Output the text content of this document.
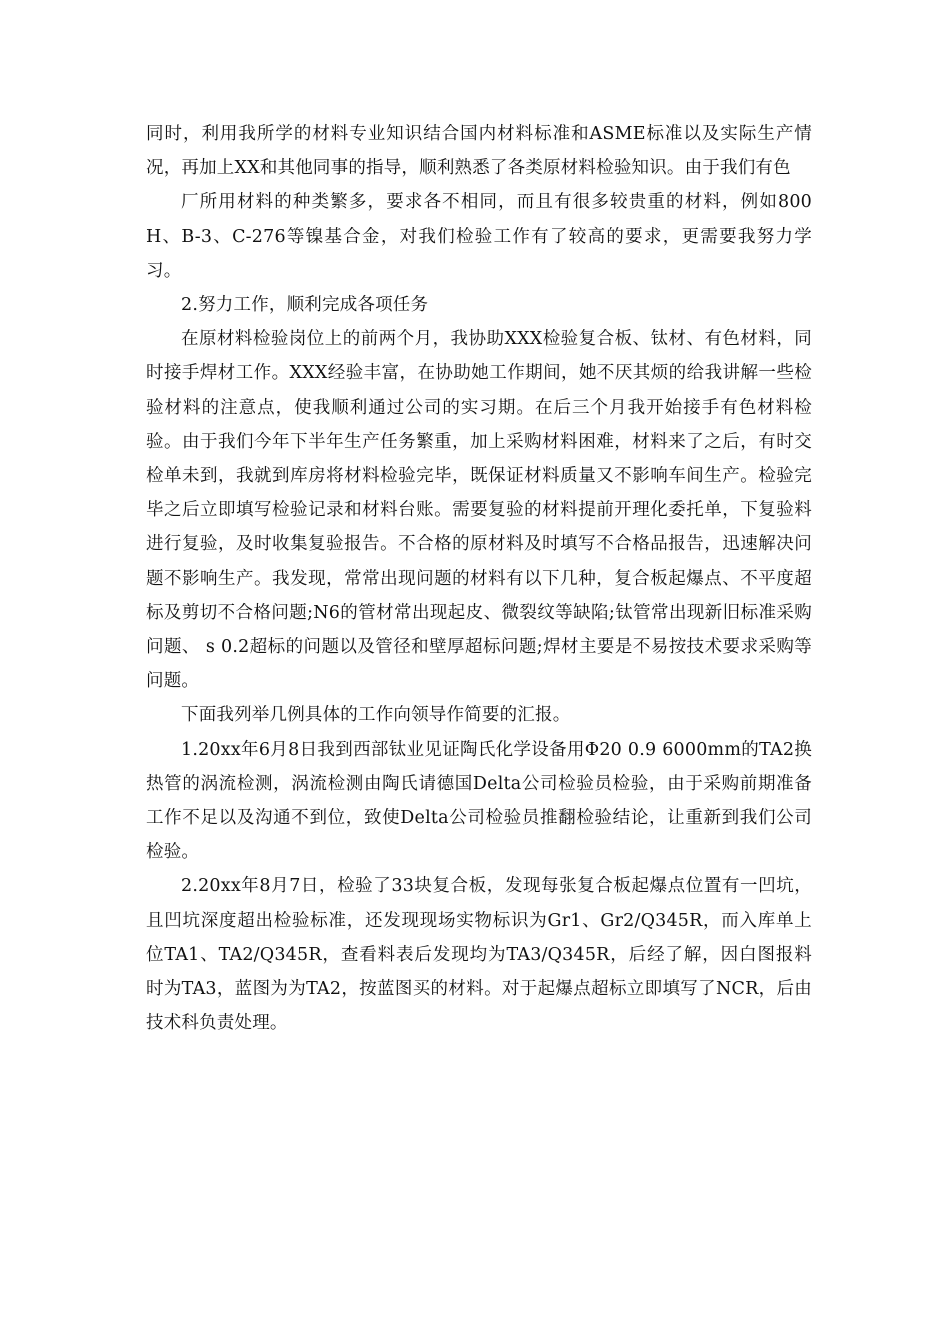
同时，利用我所学的材料专业知识结合国内材料标准和ASME标准以及实际生产情况，再加上XX和其他同事的指导，顺利熟悉了各类原材料检验知识。由于我们有色

厂所用材料的种类繁多，要求各不相同，而且有很多较贵重的材料，例如800H、B-3、C-276等镍基合金，对我们检验工作有了较高的要求，更需要我努力学习。

2.努力工作，顺利完成各项任务

在原材料检验岗位上的前两个月，我协助XXX检验复合板、钛材、有色材料，同时接手焊材工作。XXX经验丰富，在协助她工作期间，她不厌其烦的给我讲解一些检验材料的注意点，使我顺利通过公司的实习期。在后三个月我开始接手有色材料检验。由于我们今年下半年生产任务繁重，加上采购材料困难，材料来了之后，有时交检单未到，我就到库房将材料检验完毕，既保证材料质量又不影响车间生产。检验完毕之后立即填写检验记录和材料台账。需要复验的材料提前开理化委托单，下复验料进行复验，及时收集复验报告。不合格的原材料及时填写不合格品报告，迅速解决问题不影响生产。我发现，常常出现问题的材料有以下几种，复合板起爆点、不平度超标及剪切不合格问题;N6的管材常出现起皮、微裂纹等缺陷;钛管常出现新旧标准采购问题、 s 0.2超标的问题以及管径和壁厚超标问题;焊材主要是不易按技术要求采购等问题。

下面我列举几例具体的工作向领导作简要的汇报。

1.20xx年6月8日我到西部钛业见证陶氏化学设备用Φ20 0.9 6000mm的TA2换热管的涡流检测，涡流检测由陶氏请德国Delta公司检验员检验，由于采购前期准备工作不足以及沟通不到位，致使Delta公司检验员推翻检验结论，让重新到我们公司检验。

2.20xx年8月7日，检验了33块复合板，发现每张复合板起爆点位置有一凹坑，且凹坑深度超出检验标准，还发现现场实物标识为Gr1、Gr2/Q345R，而入库单上位TA1、TA2/Q345R，查看料表后发现均为TA3/Q345R，后经了解，因白图报料时为TA3，蓝图为为TA2，按蓝图买的材料。对于起爆点超标立即填写了NCR，后由技术科负责处理。
